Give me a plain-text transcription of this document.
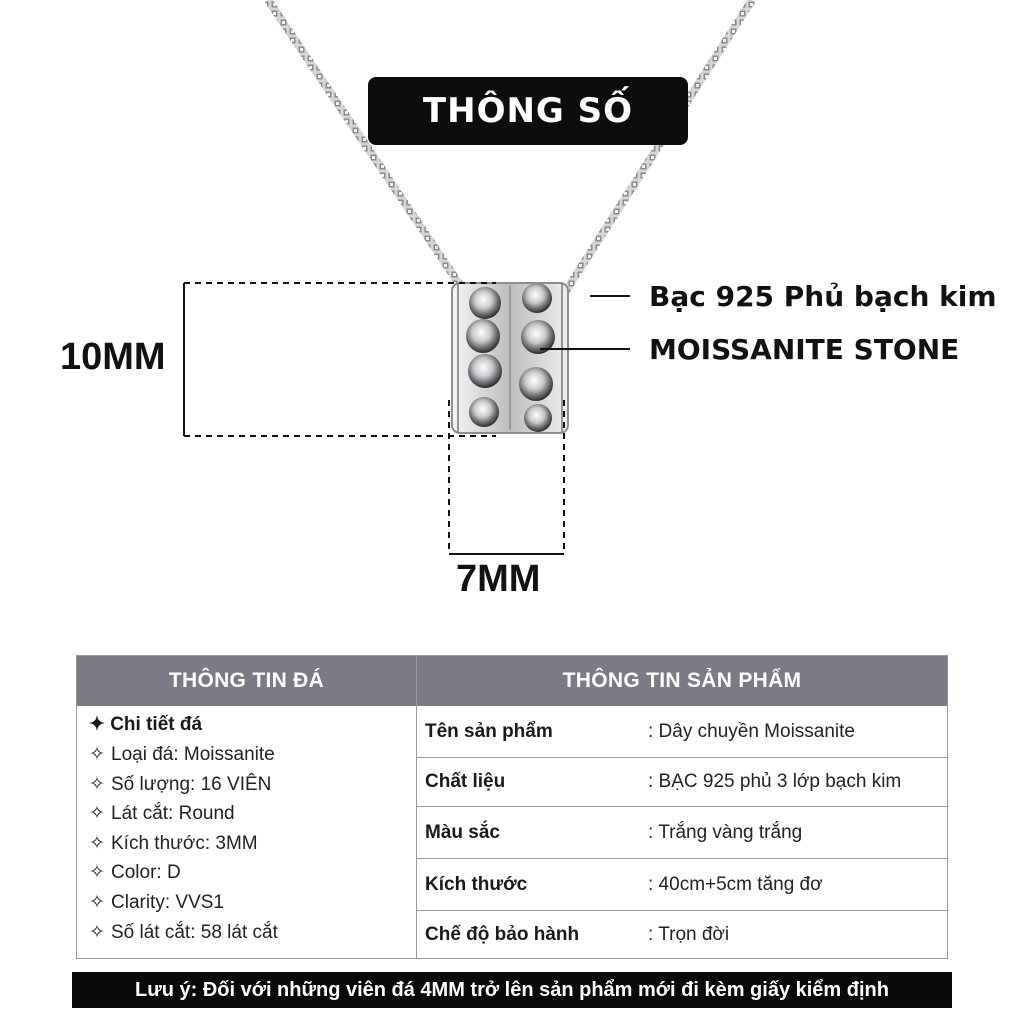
THÔNG SỐ
10MM
7MM
Bạc 925 Phủ bạch kim
MOISSANITE STONE
THÔNG TIN ĐÁ
✦ Chi tiết đá
✧ Loại đá: Moissanite
✧ Số lượng: 16 VIÊN
✧ Lát cắt: Round
✧ Kích thước: 3MM
✧ Color: D
✧ Clarity: VVS1
✧ Số lát cắt: 58 lát cắt
THÔNG TIN SẢN PHẨM
Tên sản phẩm	: Dây chuyền Moissanite
Chất liệu	: BẠC 925 phủ 3 lớp bạch kim
Màu sắc	: Trắng vàng trắng
Kích thước	: 40cm+5cm tăng đơ
Chế độ bảo hành	: Trọn đời
Lưu ý: Đối với những viên đá 4MM trở lên sản phẩm mới đi kèm giấy kiểm định
